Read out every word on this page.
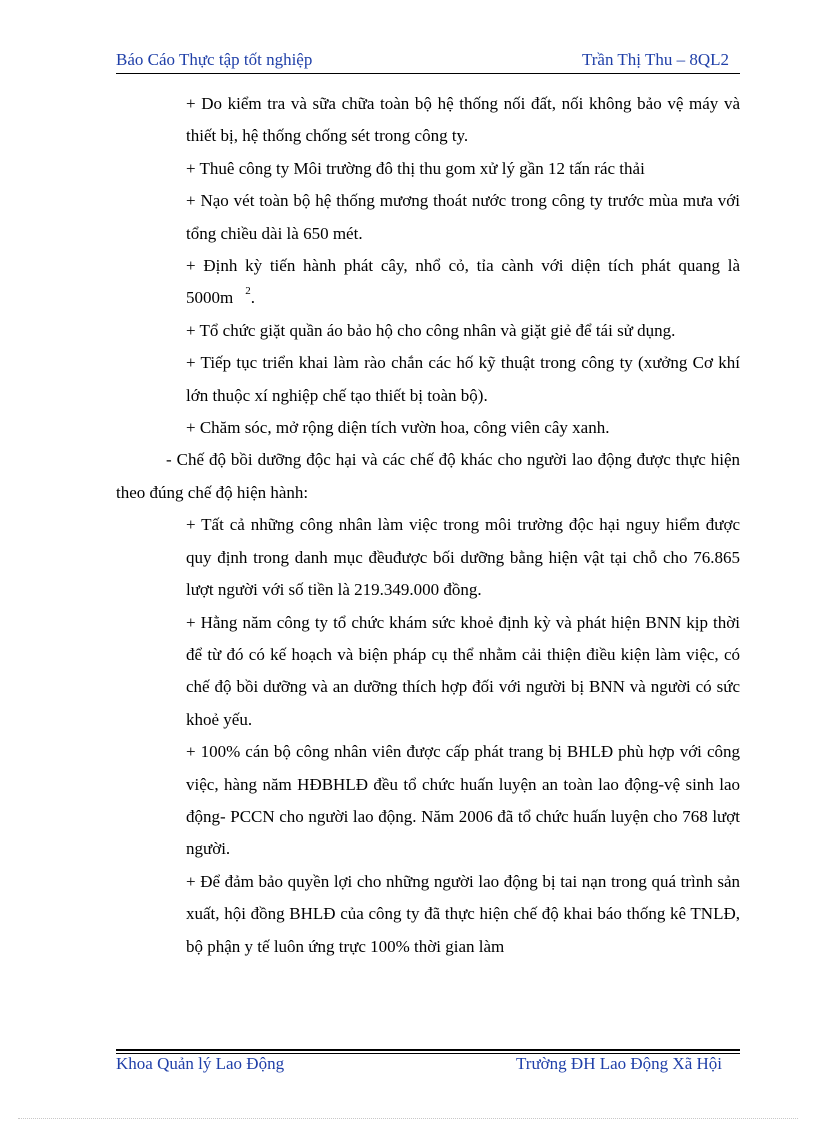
Báo Cáo Thực tập tốt nghiệp	Trần Thị Thu – 8QL2

+ Do kiểm tra và sữa chữa toàn bộ hệ thống nối đất, nối không bảo vệ máy và thiết bị, hệ thống chống sét trong công ty.

+ Thuê công ty Môi trường đô thị thu gom xử lý gần 12 tấn rác thải

+ Nạo vét toàn bộ hệ thống mương thoát nước trong công ty trước mùa mưa với tổng chiều dài là 650 mét.

+ Định kỳ tiến hành phát cây, nhổ cỏ, tỉa cành với diện tích phát quang là 5000m $^2$.

+ Tổ chức giặt quần áo bảo hộ cho công nhân và giặt giẻ để tái sử dụng.

+ Tiếp tục triển khai làm rào chắn các hố kỹ thuật trong công ty (xưởng Cơ khí lớn thuộc xí nghiệp chế tạo thiết bị toàn bộ).

+ Chăm sóc, mở rộng diện tích vườn hoa, công viên cây xanh.

- Chế độ bồi dưỡng độc hại và các chế độ khác cho người lao động được thực hiện theo đúng chế độ hiện hành:

+ Tất cả những công nhân làm việc trong môi trường độc hại nguy hiểm được quy định trong danh mục đềuđược bối dưỡng bằng hiện vật tại chỗ cho 76.865 lượt người với số tiền là 219.349.000 đồng.

+ Hằng năm công ty tổ chức khám sức khoẻ định kỳ và phát hiện BNN kịp thời để từ đó có kế hoạch và biện pháp cụ thể nhằm cải thiện điều kiện làm việc, có chế độ bồi dưỡng và an dưỡng thích hợp đối với người bị BNN và người có sức khoẻ yếu.

+ 100% cán bộ công nhân viên được cấp phát trang bị BHLĐ phù hợp với công việc, hàng năm HĐBHLĐ đều tổ chức huấn luyện an toàn lao động-vệ sinh lao động- PCCN cho người lao động. Năm 2006 đã tổ chức huấn luyện cho 768 lượt người.

+ Để đảm bảo quyền lợi cho những người lao động bị tai nạn trong quá trình sản xuất, hội đồng BHLĐ của công ty đã thực hiện chế độ khai báo thống kê TNLĐ, bộ phận y tế luôn ứng trực 100% thời gian làm

Khoa Quản lý Lao Động	Trường ĐH Lao Động Xã Hội
